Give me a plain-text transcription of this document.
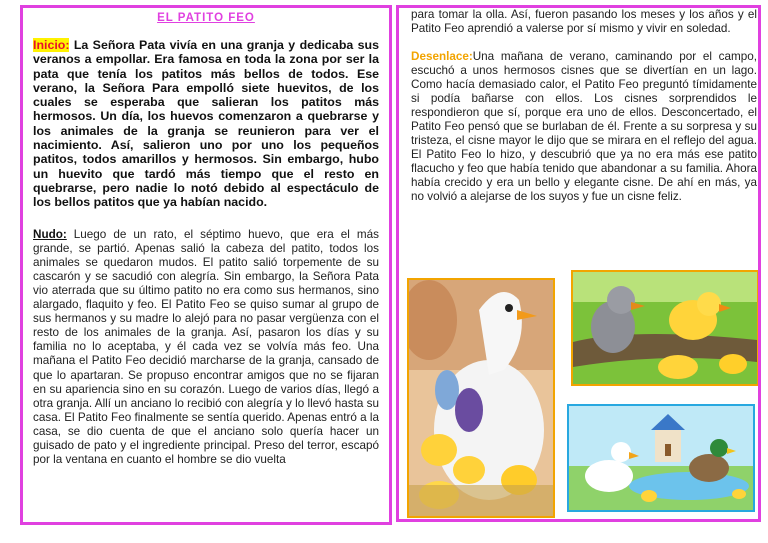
EL PATITO FEO

Inicio: La Señora Pata vivía en una granja y dedicaba sus veranos a empollar. Era famosa en toda la zona por ser la pata que tenía los patitos más bellos de todos. Ese verano, la Señora Para empolló siete huevitos, de los cuales se esperaba que salieran los patitos más hermosos. Un día, los huevos comenzaron a quebrarse y los animales de la granja se reunieron para ver el nacimiento. Así, salieron uno por uno los pequeños patitos, todos amarillos y hermosos. Sin embargo, hubo un huevito que tardó más tiempo que el resto en quebrarse, pero nadie lo notó debido al espectáculo de los bellos patitos que ya habían nacido.

Nudo: Luego de un rato, el séptimo huevo, que era el más grande, se partió. Apenas salió la cabeza del patito, todos los animales se quedaron mudos. El patito salió torpemente de su cascarón y se sacudió con alegría. Sin embargo, la Señora Pata vio aterrada que su último patito no era como sus hermanos, sino alargado, flaquito y feo. El Patito Feo se quiso sumar al grupo de sus hermanos y su madre lo alejó para no pasar vergüenza con el resto de los animales de la granja. Así, pasaron los días y su familia no lo aceptaba, y él cada vez se volvía más feo. Una mañana el Patito Feo decidió marcharse de la granja, cansado de que lo apartaran. Se propuso encontrar amigos que no se fijaran en su apariencia sino en su corazón. Luego de varios días, llegó a otra granja. Allí un anciano lo recibió con alegría y lo llevó hasta su casa. El Patito Feo finalmente se sentía querido. Apenas entró a la casa, se dio cuenta de que el anciano solo quería hacer un guisado de pato y el ingrediente principal. Preso del terror, escapó por la ventana en cuanto el hombre se dio vuelta

para tomar la olla. Así, fueron pasando los meses y los años y el Patito Feo aprendió a valerse por sí mismo y vivir en soledad.

Desenlace:Una mañana de verano, caminando por el campo, escuchó a unos hermosos cisnes que se divertían en un lago. Como hacía demasiado calor, el Patito Feo preguntó tímidamente si podía bañarse con ellos. Los cisnes sorprendidos le respondieron que sí, porque era uno de ellos. Desconcertado, el Patito Feo pensó que se burlaban de él. Frente a su sorpresa y su tristeza, el cisne mayor le dijo que se mirara en el reflejo del agua. El Patito Feo lo hizo, y descubrió que ya no era más ese patito flacucho y feo que había tenido que abandonar a su familia. Ahora había crecido y era un bello y elegante cisne. De ahí en más, ya no volvió a alejarse de los suyos y fue un cisne feliz.
